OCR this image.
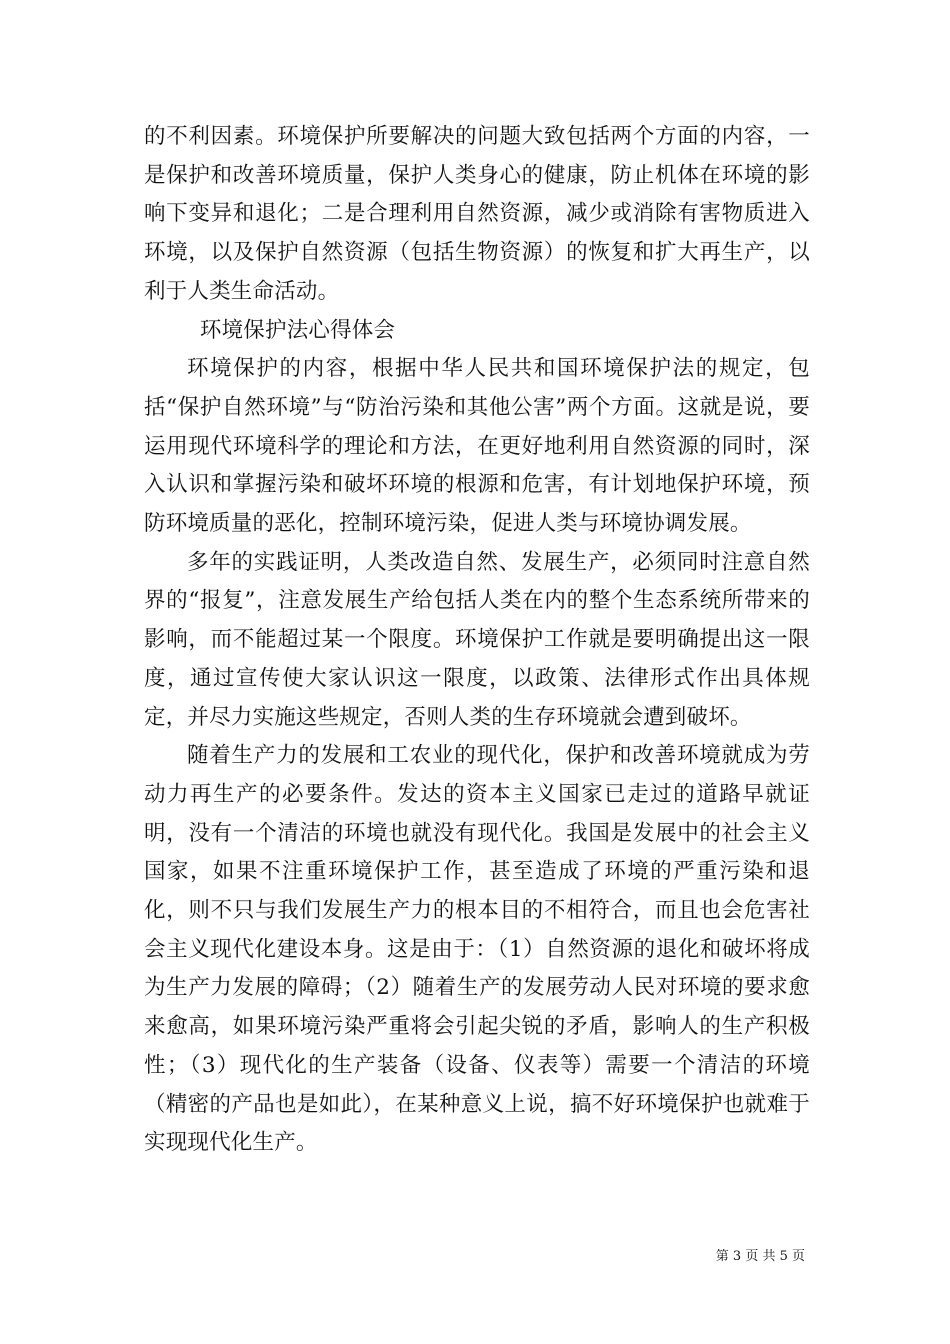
的不利因素。环境保护所要解决的问题大致包括两个方面的内容，一是保护和改善环境质量，保护人类身心的健康，防止机体在环境的影响下变异和退化；二是合理利用自然资源，减少或消除有害物质进入环境，以及保护自然资源（包括生物资源）的恢复和扩大再生产，以利于人类生命活动。

环境保护法心得体会

环境保护的内容，根据中华人民共和国环境保护法的规定，包括“保护自然环境”与“防治污染和其他公害”两个方面。这就是说，要运用现代环境科学的理论和方法，在更好地利用自然资源的同时，深入认识和掌握污染和破坏环境的根源和危害，有计划地保护环境，预防环境质量的恶化，控制环境污染，促进人类与环境协调发展。

多年的实践证明，人类改造自然、发展生产，必须同时注意自然界的“报复”，注意发展生产给包括人类在内的整个生态系统所带来的影响，而不能超过某一个限度。环境保护工作就是要明确提出这一限度，通过宣传使大家认识这一限度，以政策、法律形式作出具体规定，并尽力实施这些规定，否则人类的生存环境就会遭到破坏。

随着生产力的发展和工农业的现代化，保护和改善环境就成为劳动力再生产的必要条件。发达的资本主义国家已走过的道路早就证明，没有一个清洁的环境也就没有现代化。我国是发展中的社会主义国家，如果不注重环境保护工作，甚至造成了环境的严重污染和退化，则不只与我们发展生产力的根本目的不相符合，而且也会危害社会主义现代化建设本身。这是由于：（1）自然资源的退化和破坏将成为生产力发展的障碍；（2）随着生产的发展劳动人民对环境的要求愈来愈高，如果环境污染严重将会引起尖锐的矛盾，影响人的生产积极性；（3）现代化的生产装备（设备、仪表等）需要一个清洁的环境（精密的产品也是如此），在某种意义上说，搞不好环境保护也就难于实现现代化生产。

第 3 页 共 5 页
